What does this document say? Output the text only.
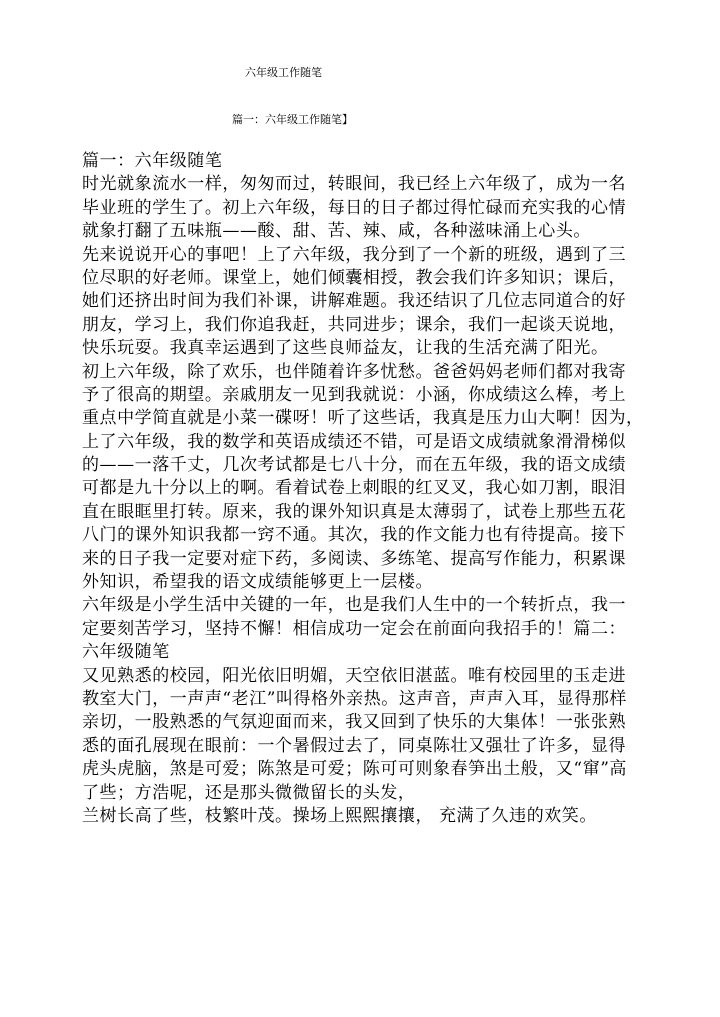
六年级工作随笔
篇一：六年级工作随笔】
篇一：六年级随笔
时光就象流水一样，匆匆而过，转眼间，我已经上六年级了，成为一名
毕业班的学生了。初上六年级，每日的日子都过得忙碌而充实我的心情
就象打翻了五味瓶——酸、甜、苦、辣、咸，各种滋味涌上心头。
先来说说开心的事吧！上了六年级，我分到了一个新的班级，遇到了三
位尽职的好老师。课堂上，她们倾囊相授，教会我们许多知识；课后，
她们还挤出时间为我们补课，讲解难题。我还结识了几位志同道合的好
朋友，学习上，我们你追我赶，共同进步；课余，我们一起谈天说地，
快乐玩耍。我真幸运遇到了这些良师益友，让我的生活充满了阳光。
初上六年级，除了欢乐，也伴随着许多忧愁。爸爸妈妈老师们都对我寄
予了很高的期望。亲戚朋友一见到我就说：小涵，你成绩这么棒，考上
重点中学简直就是小菜一碟呀！听了这些话，我真是压力山大啊！因为，
上了六年级，我的数学和英语成绩还不错，可是语文成绩就象滑滑梯似
的——一落千丈，几次考试都是七八十分，而在五年级，我的语文成绩
可都是九十分以上的啊。看着试卷上刺眼的红叉叉，我心如刀割，眼泪
直在眼眶里打转。原来，我的课外知识真是太薄弱了，试卷上那些五花
八门的课外知识我都一窍不通。其次，我的作文能力也有待提高。接下
来的日子我一定要对症下药，多阅读、多练笔、提高写作能力，积累课
外知识，希望我的语文成绩能够更上一层楼。
六年级是小学生活中关键的一年，也是我们人生中的一个转折点，我一
定要刻苦学习，坚持不懈！相信成功一定会在前面向我招手的！篇二：
六年级随笔
又见熟悉的校园，阳光依旧明媚，天空依旧湛蓝。唯有校园里的玉走进
教室大门，一声声“老江”叫得格外亲热。这声音，声声入耳，显得那样
亲切，一股熟悉的气氛迎面而来，我又回到了快乐的大集体！一张张熟
悉的面孔展现在眼前：一个暑假过去了，同桌陈壮又强壮了许多，显得
虎头虎脑，煞是可爱；陈煞是可爱；陈可可则象春笋出土般，又“窜”高
了些；方浩呢，还是那头微微留长的头发，
兰树长高了些，枝繁叶茂。操场上熙熙攘攘， 充满了久违的欢笑。
